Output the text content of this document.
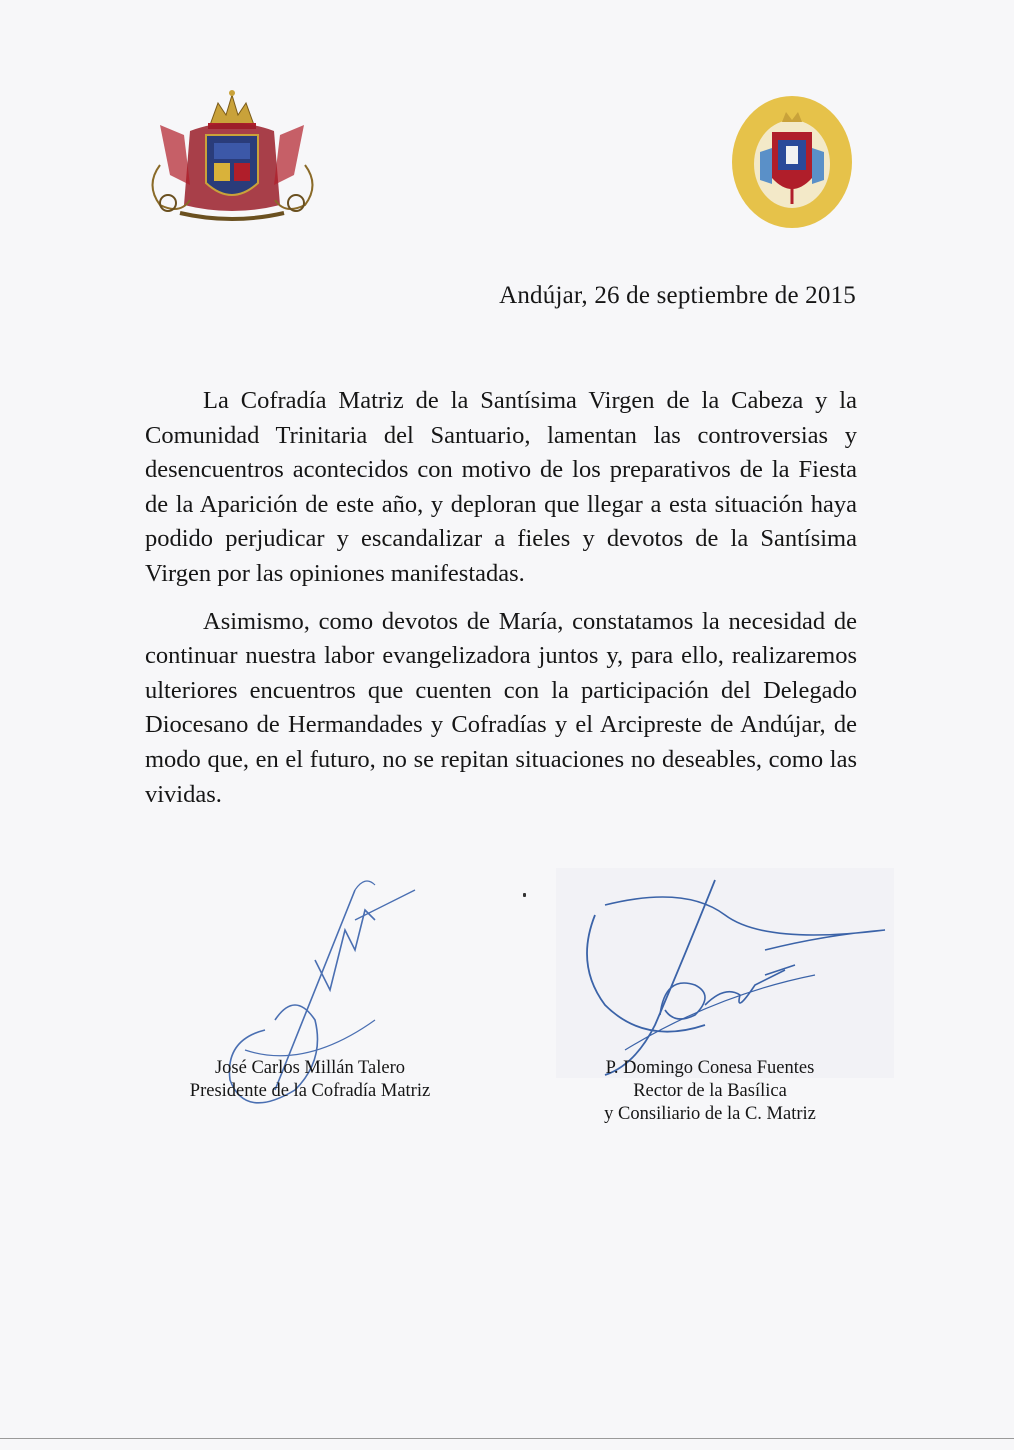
Andújar, 26 de septiembre de 2015

La Cofradía Matriz de la Santísima Virgen de la Cabeza y la Comunidad Trinitaria del Santuario, lamentan las controversias y desencuentros acontecidos con motivo de los preparativos de la Fiesta de la Aparición de este año, y deploran que llegar a esta situación haya podido perjudicar y escandalizar a fieles y devotos de la Santísima Virgen por las opiniones manifestadas.

Asimismo, como devotos de María, constatamos la necesidad de continuar nuestra labor evangelizadora juntos y, para ello, realizaremos ulteriores encuentros que cuenten con la participación del Delegado Diocesano de Hermandades y Cofradías y el Arcipreste de Andújar, de modo que, en el futuro, no se repitan situaciones no deseables, como las vividas.

José Carlos Millán Talero
Presidente de la Cofradía Matriz
P. Domingo Conesa Fuentes
Rector de la Basílica
y Consiliario de la C. Matriz
